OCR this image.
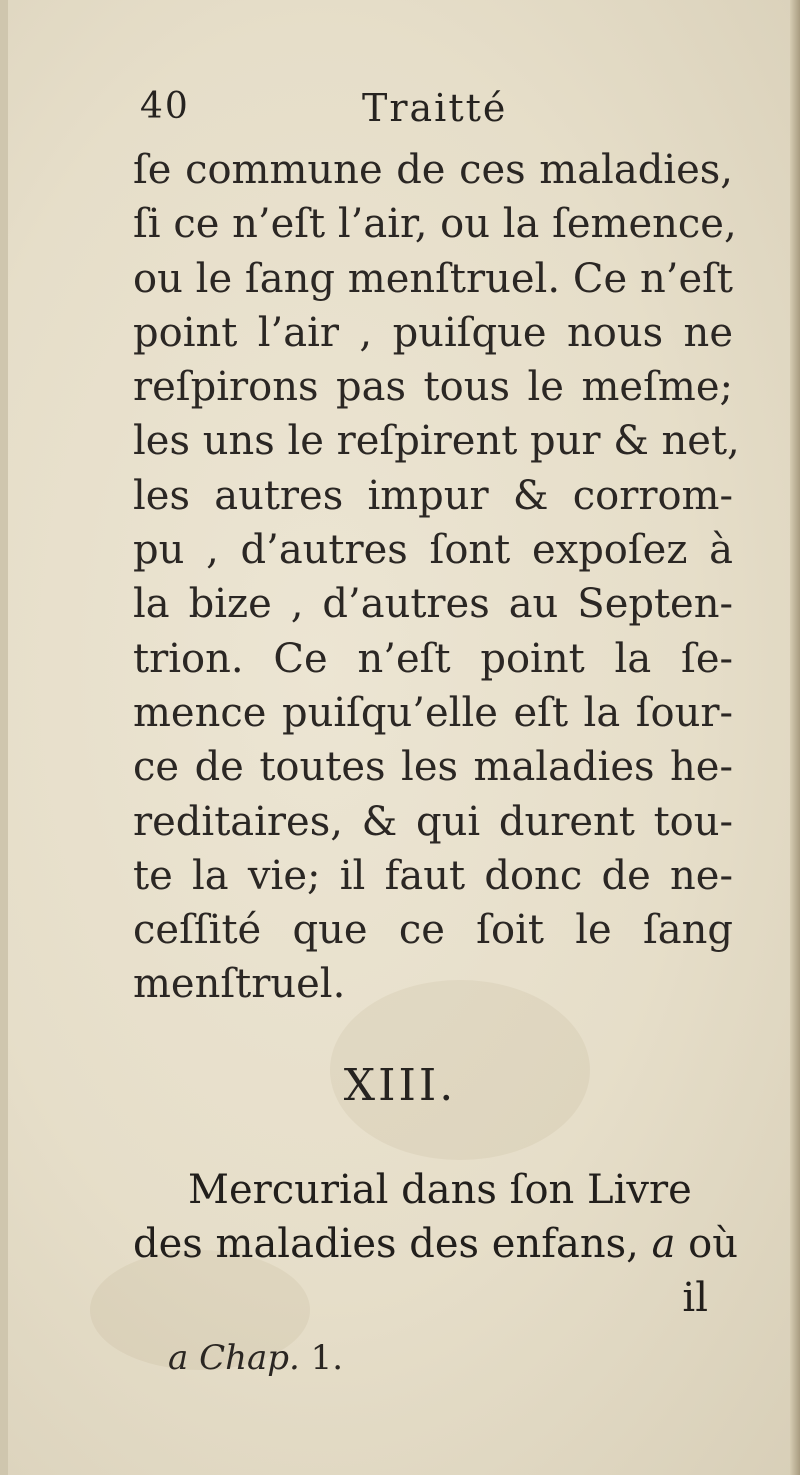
40	Traitté
ſe commune de ces maladies,
ſi ce n’eſt l’air, ou la ſemence,
ou le ſang menſtruel. Ce n’eſt
point l’air , puiſque nous ne
reſpirons pas tous le meſme;
les uns le reſpirent pur & net,
les autres impur & corrom-
pu , d’autres ſont expoſez à
la bize , d’autres au Septen-
trion. Ce n’eſt point la ſe-
mence puiſqu’elle eſt la ſour-
ce de toutes les maladies he-
reditaires, & qui durent tou-
te la vie; il faut donc de ne-
ceſſité que ce ſoit le ſang
menſtruel.
XIII.
Mercurial dans ſon Livre
des maladies des enfans, a où
il
a Chap. 1.
